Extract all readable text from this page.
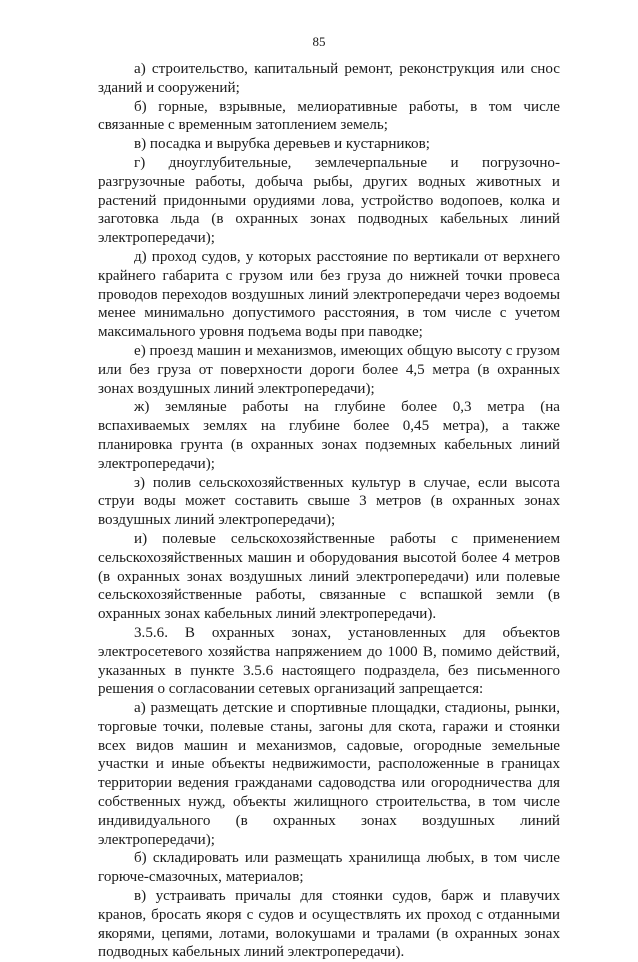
85

а) строительство, капитальный ремонт, реконструкция или снос зданий и сооружений;

б) горные, взрывные, мелиоративные работы, в том числе связанные с временным затоплением земель;

в) посадка и вырубка деревьев и кустарников;

г) дноуглубительные, землечерпальные и погрузочно-разгрузочные работы, добыча рыбы, других водных животных и растений придонными орудиями лова, устройство водопоев, колка и заготовка льда (в охранных зонах подводных кабельных линий электропередачи);

д) проход судов, у которых расстояние по вертикали от верхнего крайнего габарита с грузом или без груза до нижней точки провеса проводов переходов воздушных линий электропередачи через водоемы менее минимально допустимого расстояния, в том числе с учетом максимального уровня подъема воды при паводке;

е) проезд машин и механизмов, имеющих общую высоту с грузом или без груза от поверхности дороги более 4,5 метра (в охранных зонах воздушных линий электропередачи);

ж) земляные работы на глубине более 0,3 метра (на вспахиваемых землях на глубине более 0,45 метра), а также планировка грунта (в охранных зонах подземных кабельных линий электропередачи);

з) полив сельскохозяйственных культур в случае, если высота струи воды может составить свыше 3 метров (в охранных зонах воздушных линий электропередачи);

и) полевые сельскохозяйственные работы с применением сельскохозяйственных машин и оборудования высотой более 4 метров (в охранных зонах воздушных линий электропередачи) или полевые сельскохозяйственные работы, связанные с вспашкой земли (в охранных зонах кабельных линий электропередачи).

3.5.6. В охранных зонах, установленных для объектов электросетевого хозяйства напряжением до 1000 В, помимо действий, указанных в пункте 3.5.6 настоящего подраздела, без письменного решения о согласовании сетевых организаций запрещается:

а) размещать детские и спортивные площадки, стадионы, рынки, торговые точки, полевые станы, загоны для скота, гаражи и стоянки всех видов машин и механизмов, садовые, огородные земельные участки и иные объекты недвижимости, расположенные в границах территории ведения гражданами садоводства или огородничества для собственных нужд, объекты жилищного строительства, в том числе индивидуального (в охранных зонах воздушных линий электропередачи);

б) складировать или размещать хранилища любых, в том числе горюче-смазочных, материалов;

в) устраивать причалы для стоянки судов, барж и плавучих кранов, бросать якоря с судов и осуществлять их проход с отданными якорями, цепями, лотами, волокушами и тралами (в охранных зонах подводных кабельных линий электропередачи).
